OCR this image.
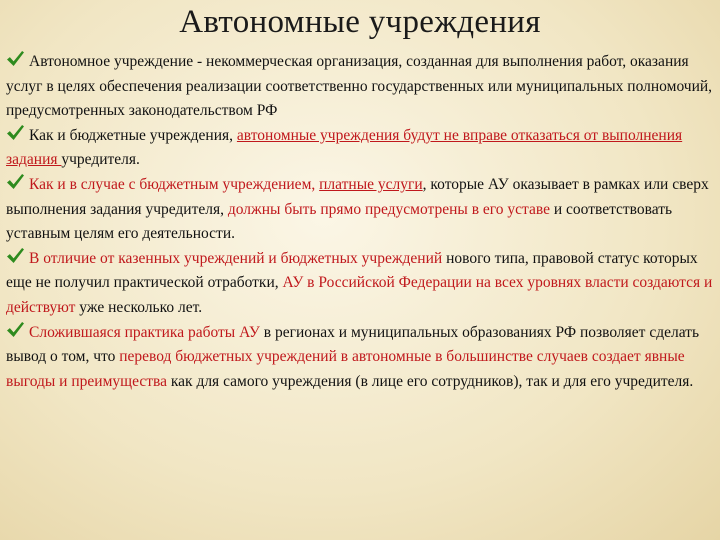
Автономные учреждения

Автономное учреждение - некоммерческая организация, созданная для выполнения работ, оказания услуг в целях обеспечения реализации соответственно государственных или муниципальных полномочий, предусмотренных законодательством РФ

Как и бюджетные учреждения, автономные учреждения будут не вправе отказаться от выполнения задания учредителя.

Как и в случае с бюджетным учреждением, платные услуги, которые АУ оказывает в рамках или сверх выполнения задания учредителя, должны быть прямо предусмотрены в его уставе и соответствовать уставным целям его деятельности.

В отличие от казенных учреждений и бюджетных учреждений нового типа, правовой статус которых еще не получил практической отработки, АУ в Российской Федерации на всех уровнях власти создаются и действуют уже несколько лет.

Сложившаяся практика работы АУ в регионах и муниципальных образованиях РФ позволяет сделать вывод о том, что перевод бюджетных учреждений в автономные в большинстве случаев создает явные выгоды и преимущества как для самого учреждения (в лице его сотрудников), так и для его учредителя.
